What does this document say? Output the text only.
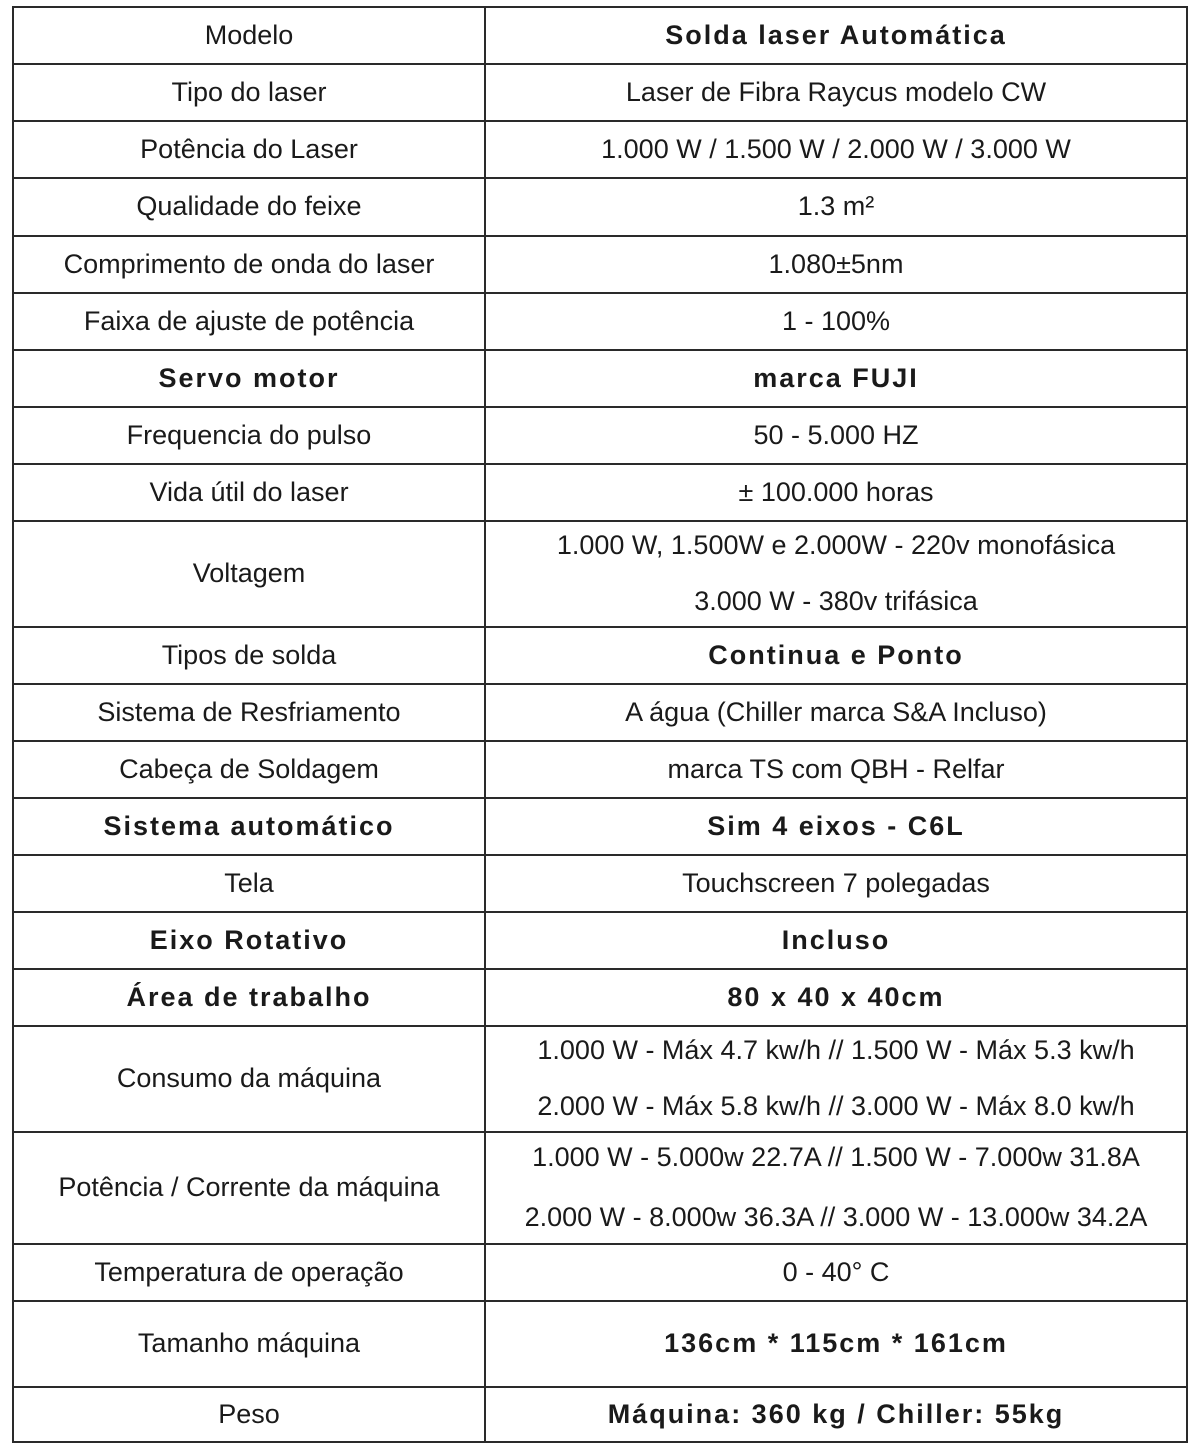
Modelo	Solda laser Automática
Tipo do laser	Laser de Fibra Raycus modelo CW
Potência do Laser	1.000 W / 1.500 W / 2.000 W / 3.000 W
Qualidade do feixe	1.3 m²
Comprimento de onda do laser	1.080±5nm
Faixa de ajuste de potência	1 - 100%
Servo motor	marca FUJI
Frequencia do pulso	50 - 5.000 HZ
Vida útil do laser	± 100.000 horas
Voltagem	1.000 W, 1.500W e 2.000W - 220v monofásica
3.000 W - 380v trifásica

Tipos de solda	Continua e Ponto
Sistema de Resfriamento	A água (Chiller marca S&A Incluso)
Cabeça de Soldagem	marca TS com QBH - Relfar
Sistema automático	Sim 4 eixos - C6L
Tela	Touchscreen 7 polegadas
Eixo Rotativo	Incluso
Área de trabalho	80 x 40 x 40cm
Consumo da máquina	1.000 W - Máx 4.7 kw/h // 1.500 W - Máx 5.3 kw/h
2.000 W - Máx 5.8 kw/h // 3.000 W - Máx 8.0 kw/h

Potência / Corrente da máquina	1.000 W - 5.000w 22.7A // 1.500 W - 7.000w 31.8A
2.000 W - 8.000w 36.3A // 3.000 W - 13.000w 34.2A

Temperatura de operação	0 - 40° C
Tamanho máquina	136cm * 115cm * 161cm
Peso	Máquina: 360 kg / Chiller: 55kg
